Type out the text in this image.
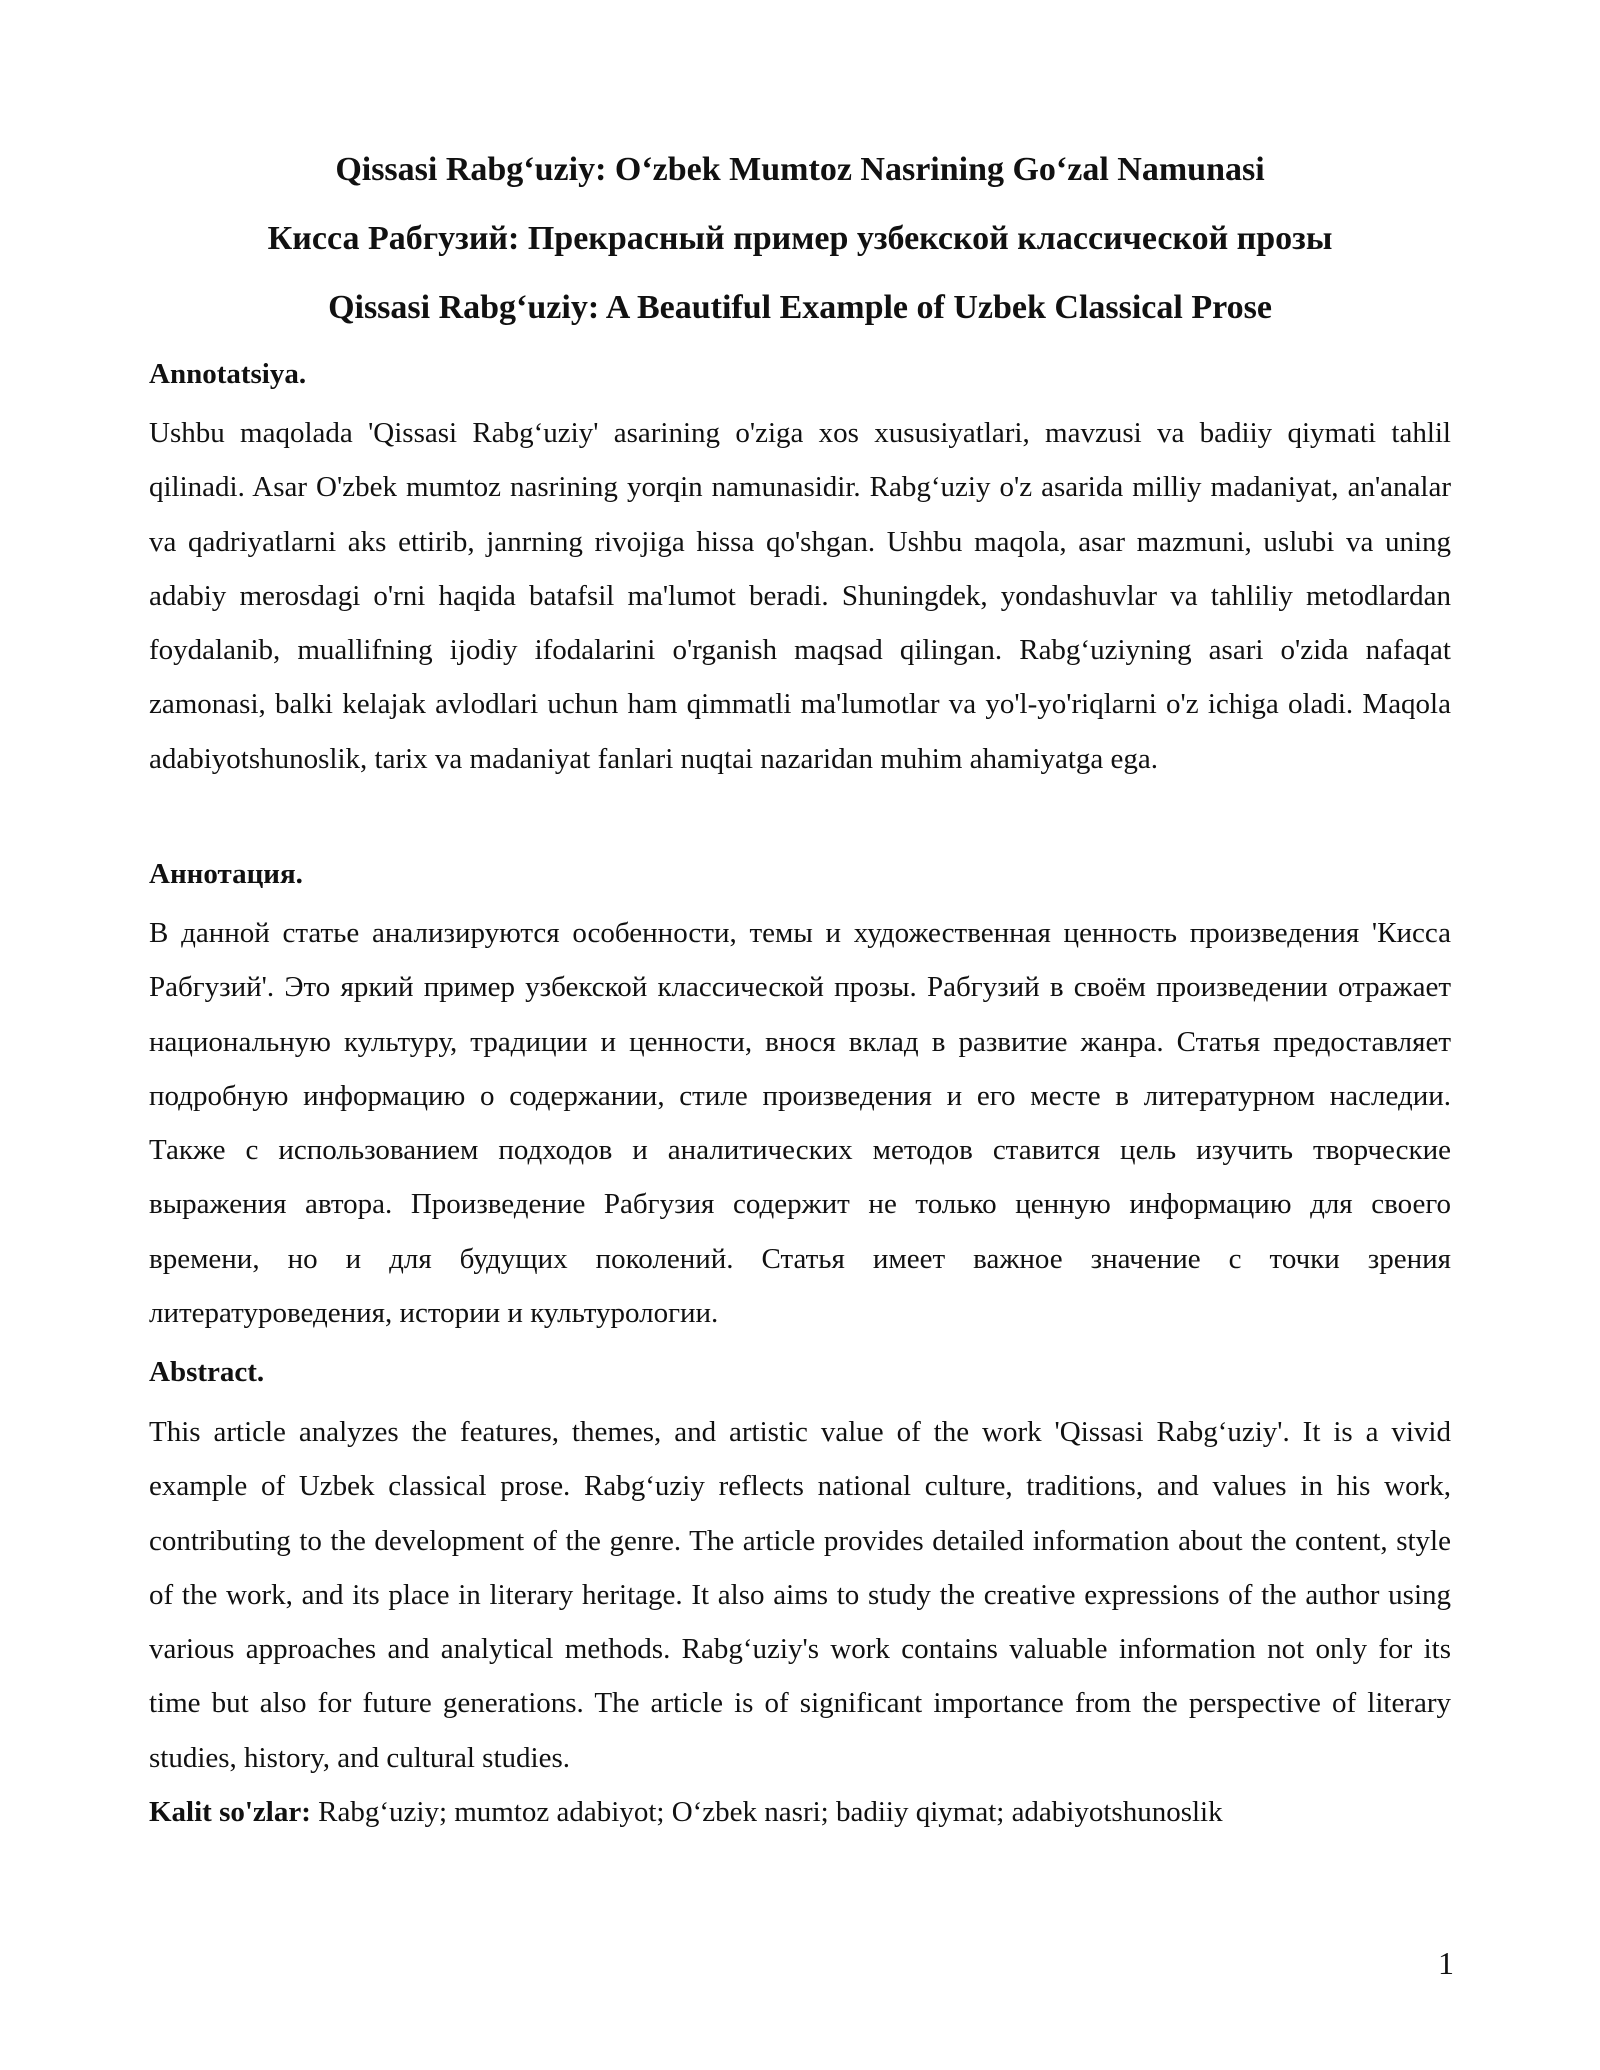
Qissasi Rabg‘uziy: O‘zbek Mumtoz Nasrining Go‘zal Namunasi
Кисса Рабгузий: Прекрасный пример узбекской классической прозы
Qissasi Rabg‘uziy: A Beautiful Example of Uzbek Classical Prose
Annotatsiya.

Ushbu maqolada 'Qissasi Rabg‘uziy' asarining o'ziga xos xususiyatlari, mavzusi va badiiy qiymati tahlil qilinadi. Asar O'zbek mumtoz nasrining yorqin namunasidir. Rabg‘uziy o'z asarida milliy madaniyat, an'analar va qadriyatlarni aks ettirib, janrning rivojiga hissa qo'shgan. Ushbu maqola, asar mazmuni, uslubi va uning adabiy merosdagi o'rni haqida batafsil ma'lumot beradi. Shuningdek, yondashuvlar va tahliliy metodlardan foydalanib, muallifning ijodiy ifodalarini o'rganish maqsad qilingan. Rabg‘uziyning asari o'zida nafaqat zamonasi, balki kelajak avlodlari uchun ham qimmatli ma'lumotlar va yo'l-yo'riqlarni o'z ichiga oladi. Maqola adabiyotshunoslik, tarix va madaniyat fanlari nuqtai nazaridan muhim ahamiyatga ega.

Аннотация.

В данной статье анализируются особенности, темы и художественная ценность произведения 'Кисса Рабгузий'. Это яркий пример узбекской классической прозы. Рабгузий в своём произведении отражает национальную культуру, традиции и ценности, внося вклад в развитие жанра. Статья предоставляет подробную информацию о содержании, стиле произведения и его месте в литературном наследии. Также с использованием подходов и аналитических методов ставится цель изучить творческие выражения автора. Произведение Рабгузия содержит не только ценную информацию для своего времени, но и для будущих поколений. Статья имеет важное значение с точки зрения литературоведения, истории и культурологии.

Abstract.

This article analyzes the features, themes, and artistic value of the work 'Qissasi Rabg‘uziy'. It is a vivid example of Uzbek classical prose. Rabg‘uziy reflects national culture, traditions, and values in his work, contributing to the development of the genre. The article provides detailed information about the content, style of the work, and its place in literary heritage. It also aims to study the creative expressions of the author using various approaches and analytical methods. Rabg‘uziy's work contains valuable information not only for its time but also for future generations. The article is of significant importance from the perspective of literary studies, history, and cultural studies.

Kalit so'zlar: Rabg‘uziy; mumtoz adabiyot; O‘zbek nasri; badiiy qiymat; adabiyotshunoslik

1
